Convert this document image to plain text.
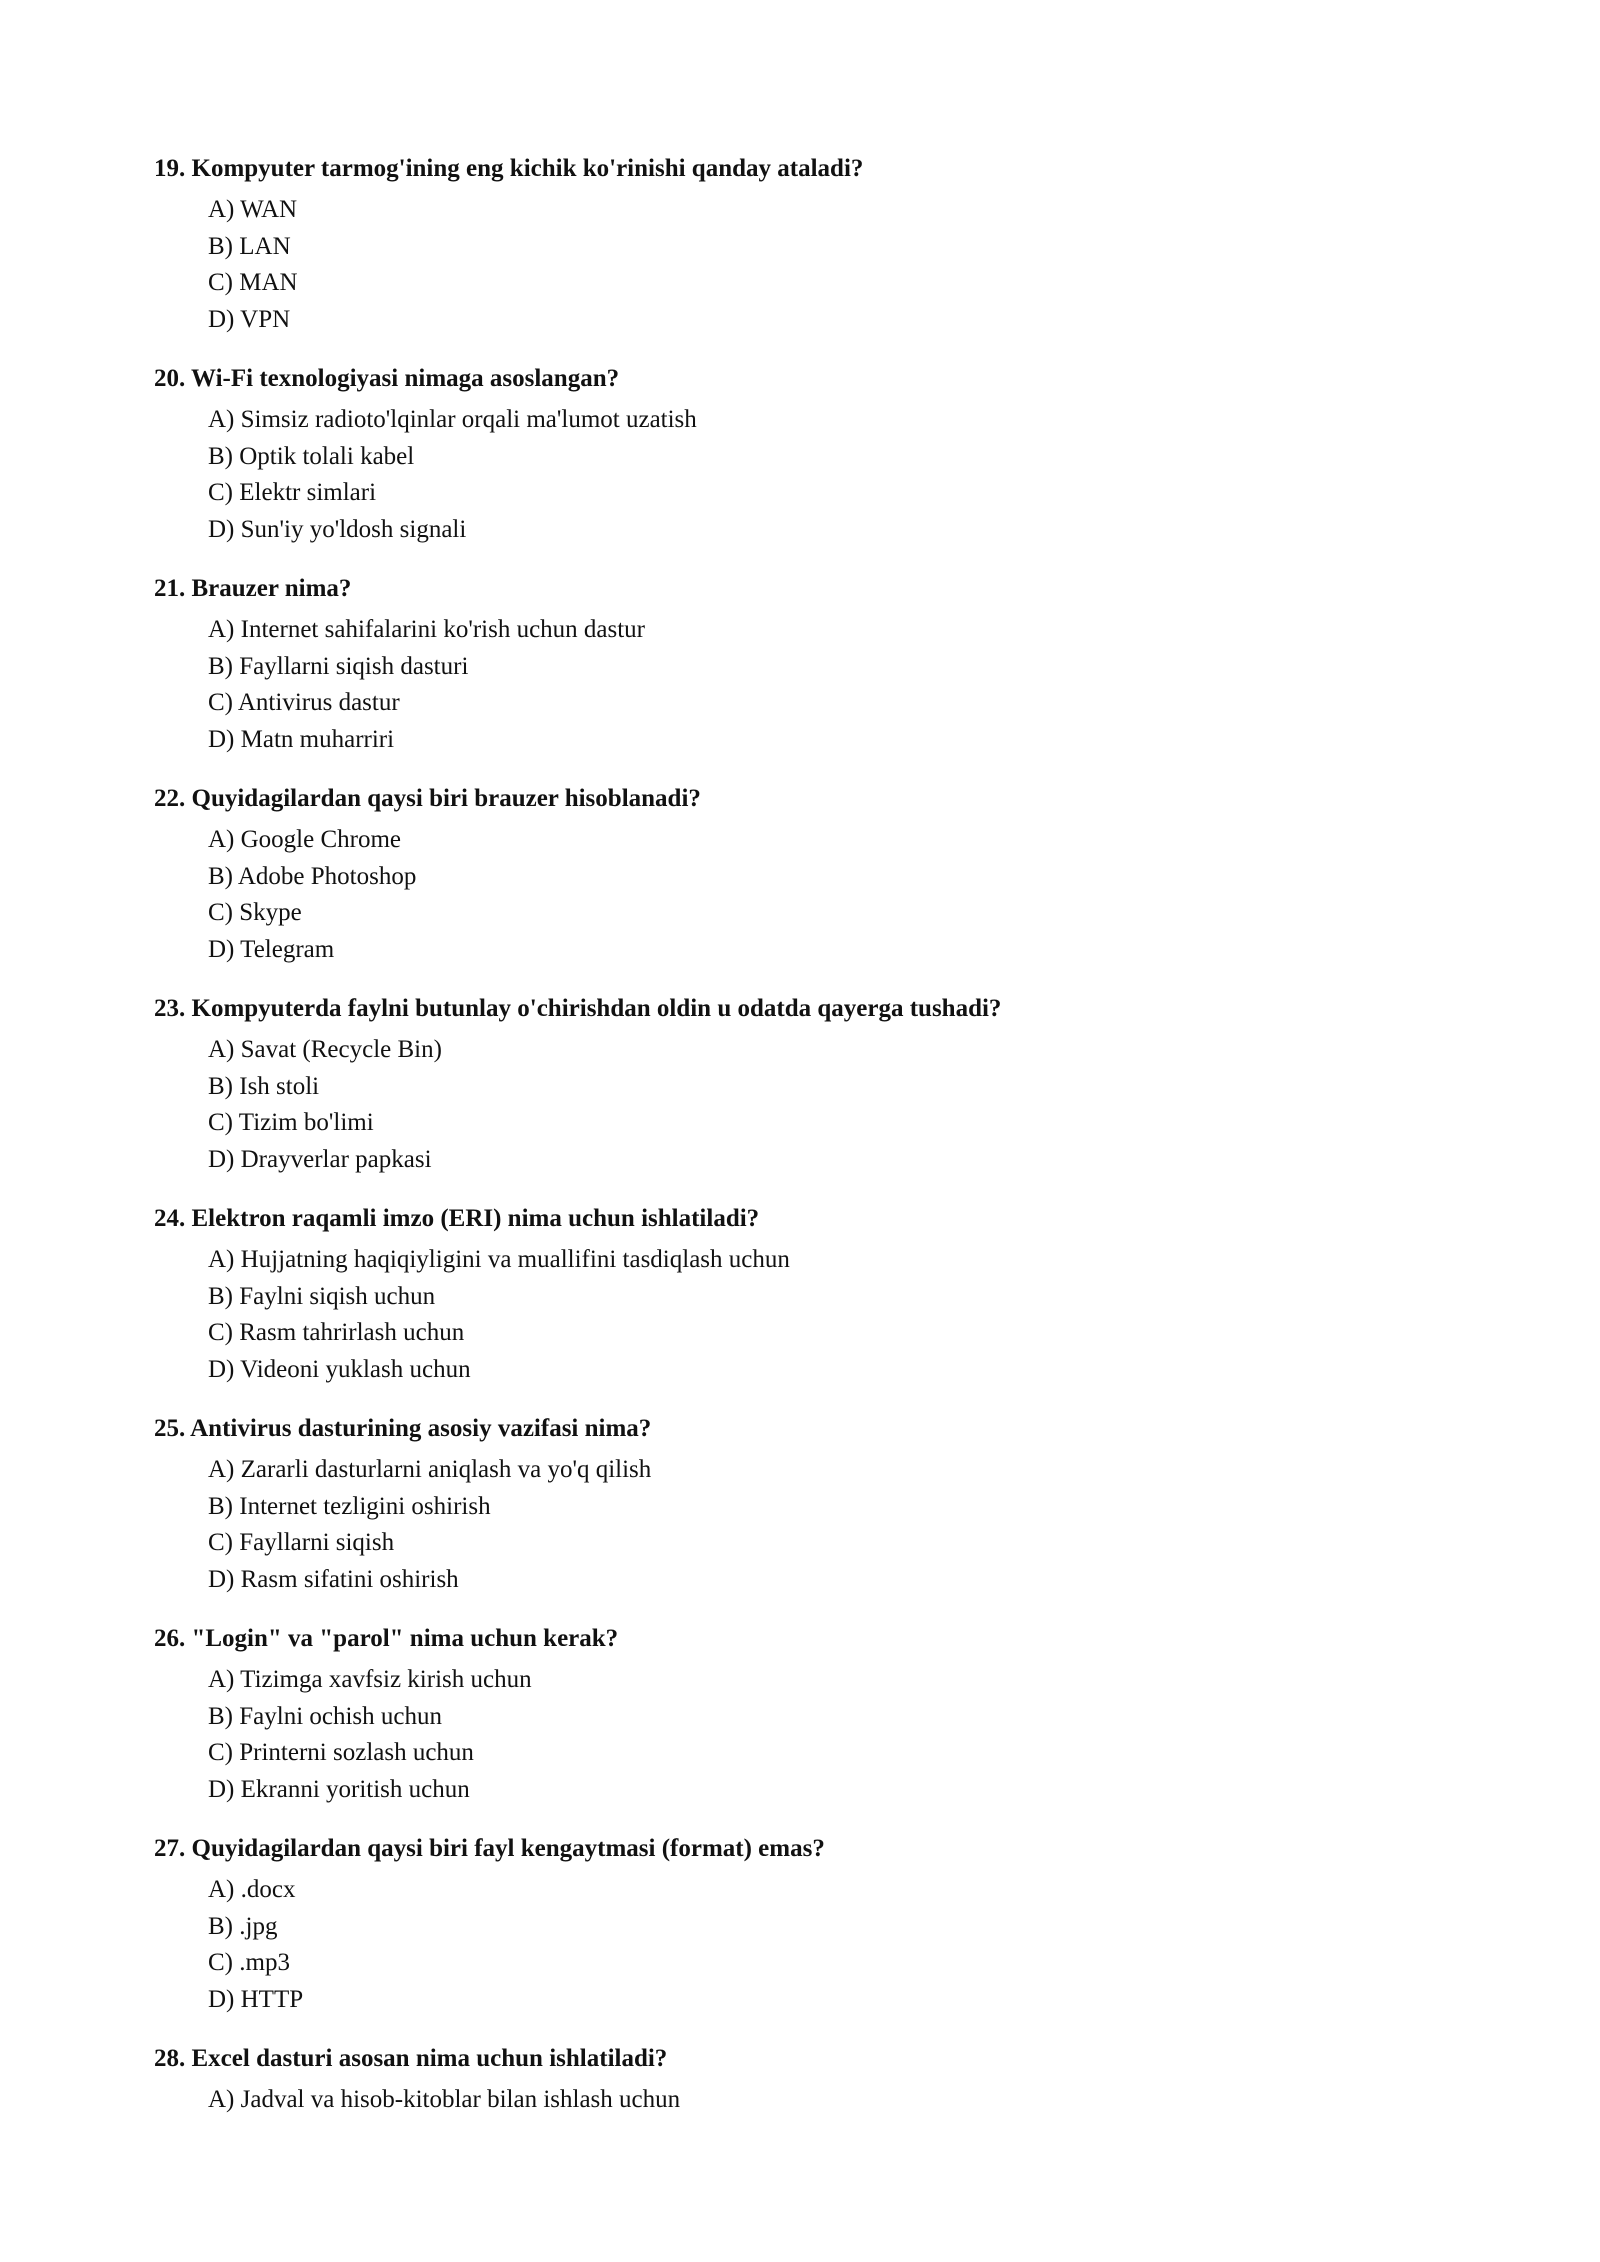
19. Kompyuter tarmog'ining eng kichik ko'rinishi qanday ataladi?
A) WAN
B) LAN
C) MAN
D) VPN
20. Wi-Fi texnologiyasi nimaga asoslangan?
A) Simsiz radioto'lqinlar orqali ma'lumot uzatish
B) Optik tolali kabel
C) Elektr simlari
D) Sun'iy yo'ldosh signali
21. Brauzer nima?
A) Internet sahifalarini ko'rish uchun dastur
B) Fayllarni siqish dasturi
C) Antivirus dastur
D) Matn muharriri
22. Quyidagilardan qaysi biri brauzer hisoblanadi?
A) Google Chrome
B) Adobe Photoshop
C) Skype
D) Telegram
23. Kompyuterda faylni butunlay o'chirishdan oldin u odatda qayerga tushadi?
A) Savat (Recycle Bin)
B) Ish stoli
C) Tizim bo'limi
D) Drayverlar papkasi
24. Elektron raqamli imzo (ERI) nima uchun ishlatiladi?
A) Hujjatning haqiqiyligini va muallifini tasdiqlash uchun
B) Faylni siqish uchun
C) Rasm tahrirlash uchun
D) Videoni yuklash uchun
25. Antivirus dasturining asosiy vazifasi nima?
A) Zararli dasturlarni aniqlash va yo'q qilish
B) Internet tezligini oshirish
C) Fayllarni siqish
D) Rasm sifatini oshirish
26. "Login" va "parol" nima uchun kerak?
A) Tizimga xavfsiz kirish uchun
B) Faylni ochish uchun
C) Printerni sozlash uchun
D) Ekranni yoritish uchun
27. Quyidagilardan qaysi biri fayl kengaytmasi (format) emas?
A) .docx
B) .jpg
C) .mp3
D) HTTP
28. Excel dasturi asosan nima uchun ishlatiladi?
A) Jadval va hisob-kitoblar bilan ishlash uchun
